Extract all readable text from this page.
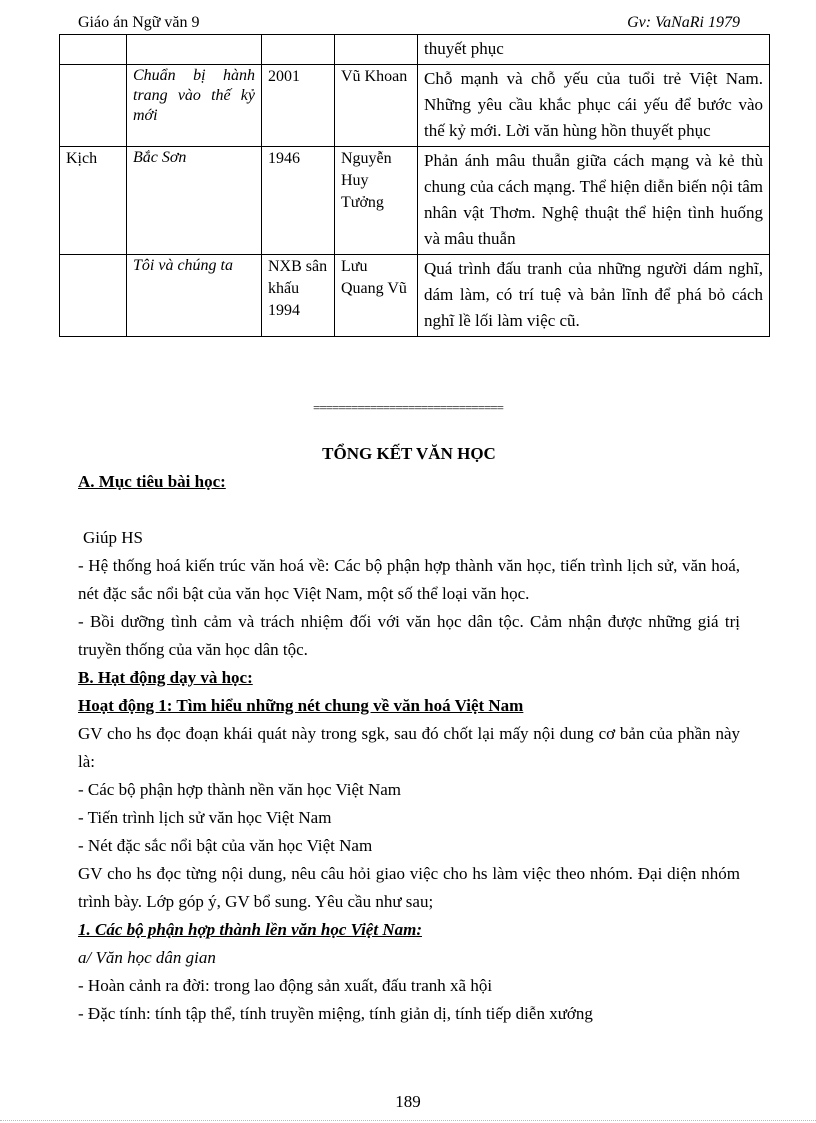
Giáo án Ngữ văn 9	Gv: VaNaRi 1979
				thuyết phục
	Chuẩn bị hành trang vào thế kỷ mới	2001	Vũ Khoan	Chỗ mạnh và chỗ yếu của tuổi trẻ Việt Nam. Những yêu cầu khắc phục cái yếu để bước vào thế kỷ mới. Lời văn hùng hồn thuyết phục
Kịch	Bắc Sơn	1946	Nguyễn Huy Tưởng	Phản ánh mâu thuẫn giữa cách mạng và kẻ thù chung của cách mạng. Thể hiện diễn biến nội tâm nhân vật Thơm. Nghệ thuật thể hiện tình huống và mâu thuẫn
	Tôi và chúng ta	NXB sân khấu 1994	Lưu Quang Vũ	Quá trình đấu tranh của những người dám nghĩ, dám làm, có trí tuệ và bản lĩnh để phá bỏ cách nghĩ lề lối làm việc cũ.
==============================

TỔNG KẾT VĂN HỌC

A. Mục tiêu bài học:

Giúp HS

- Hệ thống hoá kiến trúc văn hoá về: Các bộ phận hợp thành văn học, tiến trình lịch sử, văn hoá, nét đặc sắc nổi bật của văn học Việt Nam, một số thể loại văn học.

- Bồi dưỡng tình cảm và trách nhiệm đối với văn học dân tộc. Cảm nhận được những giá trị truyền thống của văn học dân tộc.

B. Hạt động dạy và học:

Hoạt động 1: Tìm hiểu những nét chung về văn hoá Việt Nam

GV cho hs đọc đoạn khái quát này trong sgk, sau đó chốt lại mấy nội dung cơ bản của phần này là:

- Các bộ phận hợp thành nền văn học Việt Nam

- Tiến trình lịch sử văn học Việt Nam

- Nét đặc sắc nổi bật của văn học Việt Nam

GV cho hs đọc từng nội dung, nêu câu hỏi giao việc cho hs làm việc theo nhóm. Đại diện nhóm trình bày. Lớp góp ý, GV bổ sung. Yêu cầu như sau;

1. Các bộ phận hợp thành lền văn học Việt Nam:

a/ Văn học dân gian

- Hoàn cảnh ra đời: trong lao động sản xuất, đấu tranh xã hội

- Đặc tính: tính tập thể, tính truyền miệng, tính giản dị, tính tiếp diễn xướng

189
